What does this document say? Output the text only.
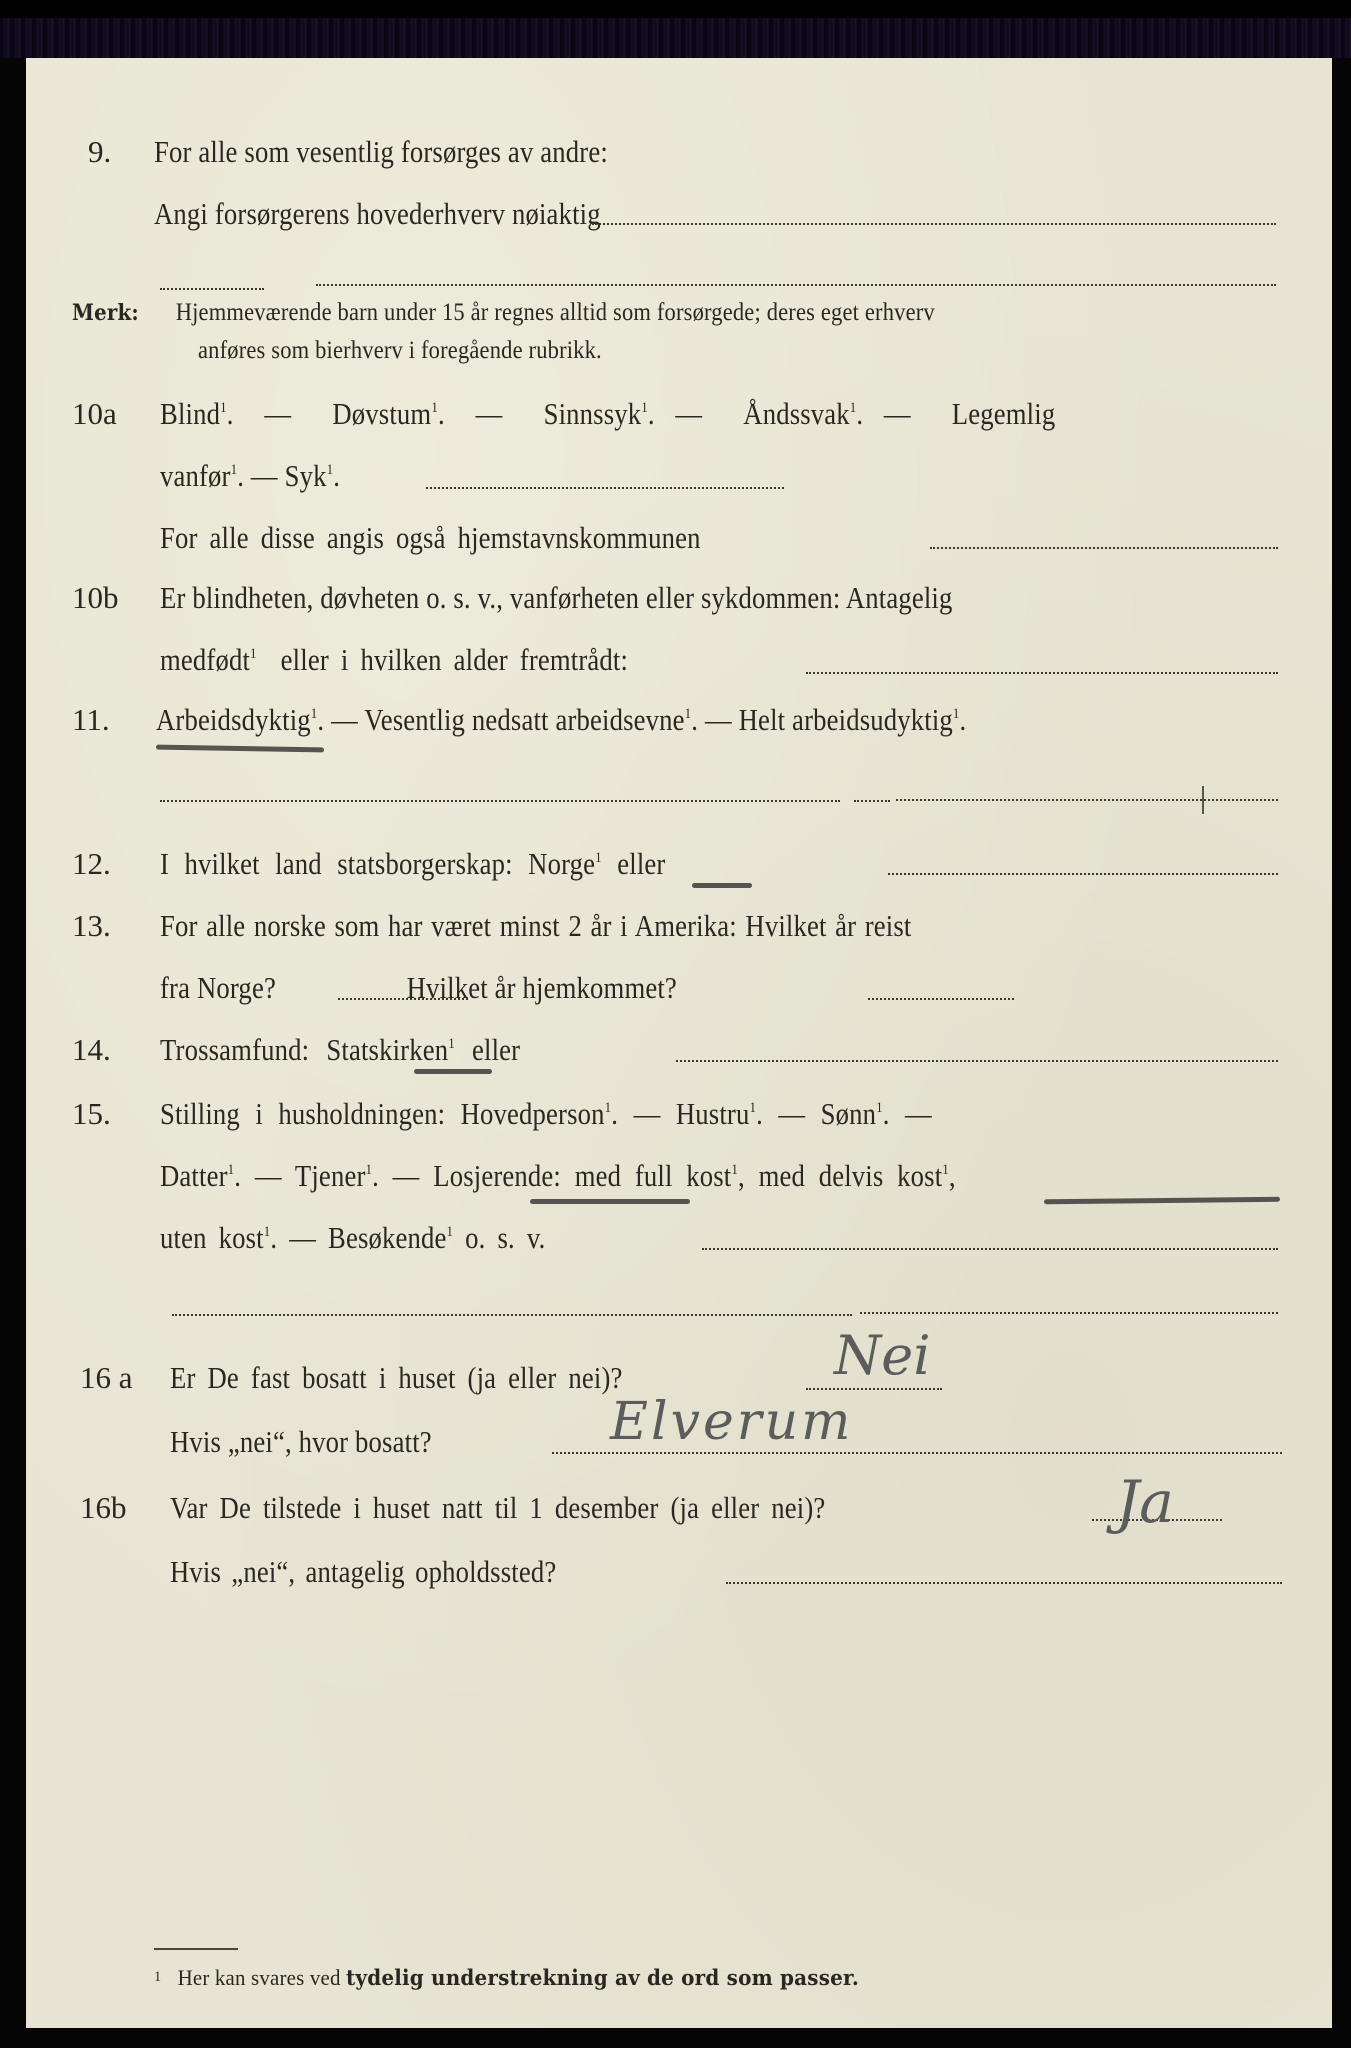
9. For alle som vesentlig forsørges av andre:
Angi forsørgerens hovederhverv nøiaktig
Merk: Hjemmeværende barn under 15 år regnes alltid som forsørgede; deres eget erhverv
anføres som bierhverv i foregående rubrikk.
10a Blind$^1$.   — Døvstum$^1$.   — Sinnssyk$^1$.  — Åndssvak$^1$.  — Legemlig
vanfør$^1$. — Syk$^1$.
For alle disse angis også hjemstavnskommunen
10b Er blindheten, døvheten o. s. v., vanførheten eller sykdommen: Antagelig
medfødt$^1$ eller i hvilken alder fremtrådt:
11. Arbeidsdyktig$^1$. — Vesentlig nedsatt arbeidsevne$^1$. — Helt arbeidsudyktig$^1$.
12. I hvilket land statsborgerskap: Norge$^1$ eller
13. For alle norske som har været minst 2 år i Amerika: Hvilket år reist
fra Norge?	Hvilket år hjemkommet?
14. Trossamfund: Statskirken$^1$ eller
15. Stilling i husholdningen: Hovedperson$^1$. — Hustru$^1$. — Sønn$^1$. —
Datter$^1$. — Tjener$^1$. — Losjerende: med full kost$^1$, med delvis kost$^1$,
uten kost$^1$. — Besøkende$^1$ o. s. v.
16 a Er De fast bosatt i huset (ja eller nei)?	Nei
Hvis „nei“, hvor bosatt?	Elverum
16b Var De tilstede i huset natt til 1 desember (ja eller nei)?	Ja
Hvis „nei“, antagelig opholdssted?
1 Her kan svares ved tydelig understrekning av de ord som passer.
